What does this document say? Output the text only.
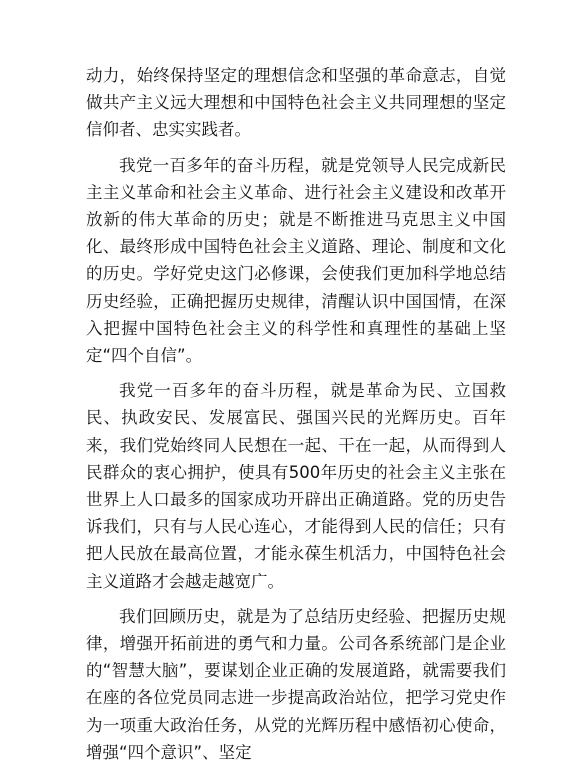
动力，始终保持坚定的理想信念和坚强的革命意志，自觉做共产主义远大理想和中国特色社会主义共同理想的坚定信仰者、忠实实践者。

我党一百多年的奋斗历程，就是党领导人民完成新民主主义革命和社会主义革命、进行社会主义建设和改革开放新的伟大革命的历史；就是不断推进马克思主义中国化、最终形成中国特色社会主义道路、理论、制度和文化的历史。学好党史这门必修课，会使我们更加科学地总结历史经验，正确把握历史规律，清醒认识中国国情，在深入把握中国特色社会主义的科学性和真理性的基础上坚定“四个自信”。

我党一百多年的奋斗历程，就是革命为民、立国救民、执政安民、发展富民、强国兴民的光辉历史。百年来，我们党始终同人民想在一起、干在一起，从而得到人民群众的衷心拥护，使具有500年历史的社会主义主张在世界上人口最多的国家成功开辟出正确道路。党的历史告诉我们，只有与人民心连心，才能得到人民的信任；只有把人民放在最高位置，才能永葆生机活力，中国特色社会主义道路才会越走越宽广。

我们回顾历史，就是为了总结历史经验、把握历史规律，增强开拓前进的勇气和力量。公司各系统部门是企业的“智慧大脑”，要谋划企业正确的发展道路，就需要我们在座的各位党员同志进一步提高政治站位，把学习党史作为一项重大政治任务，从党的光辉历程中感悟初心使命，增强“四个意识”、坚定
